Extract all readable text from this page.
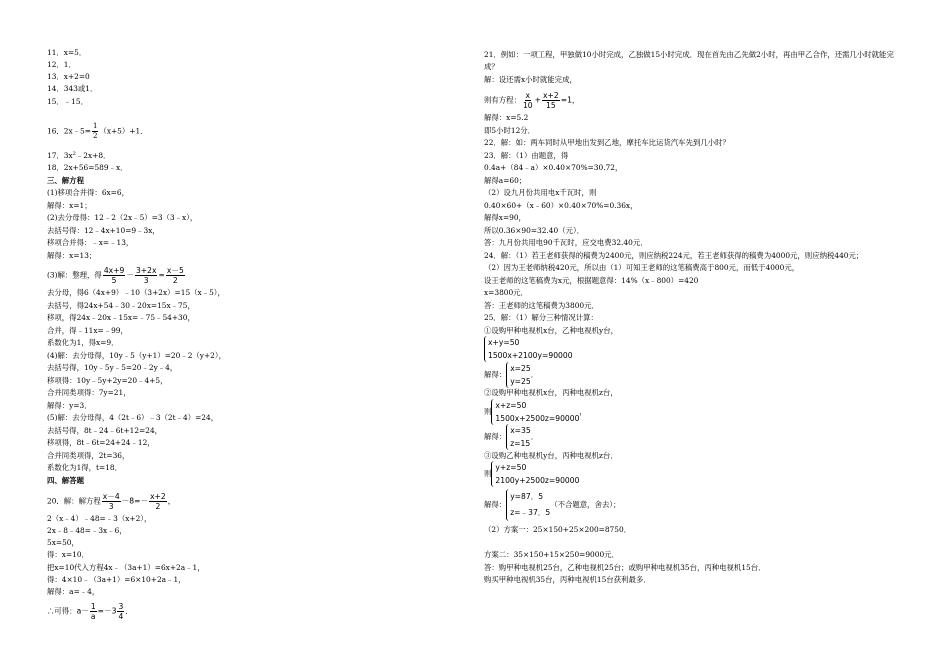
11．x=5．
12．1．
13．x+2=0
14．343或1．
15．﹣15．
16．2x﹣5= $\frac{1}{2} (x+5)+1$．
17．$3x^2﹣2x+8$．
18．2x+56=589﹣x．
三、解方程
(1)移项合并得：6x=6，
解得：x=1；
(2)去分母得：12﹣2（2x﹣5）=3（3﹣x），
去括号得：12﹣4x+10=9﹣3x，
移项合并得：﹣x=﹣13，
解得：x=13；
(3)解：整理，得 $\frac{4x+9}{5} - \frac{3+2x}{3} = \frac{x-5}{2}$
去分母，得6（4x+9）﹣10（3+2x）=15（x﹣5），
去括号，得24x+54﹣30﹣20x=15x﹣75，
移项，得24x﹣20x﹣15x=﹣75﹣54+30，
合并，得﹣11x=﹣99，
系数化为1，得x=9．
(4)解：去分母得，10y﹣5（y+1）=20﹣2（y+2），
去括号得，10y﹣5y﹣5=20﹣2y﹣4，
移项得：10y﹣5y+2y=20﹣4+5，
合并同类项得：7y=21，
解得：y=3．
(5)解：去分母得，4（2t﹣6）﹣3（2t﹣4）=24，
去括号得，8t﹣24﹣6t+12=24，
移项得，8t﹣6t=24+24﹣12，
合并同类项得，2t=36，
系数化为1得，t=18．
四、解答题
20．解：解方程 $\frac{x-4}{3} -8=- \frac{x+2}{2}$ ，
2（x﹣4）﹣48=﹣3（x+2），
2x﹣8﹣48=﹣3x﹣6，
5x=50，
得：x=10．
把x=10代入方程4x﹣（3a+1）=6x+2a﹣1，
得：4×10﹣（3a+1）=6×10+2a﹣1，
解得：a=﹣4，
∴可得：$a- \frac{1}{a} =-3 \frac{3}{4}$ ．
21．例如：一项工程，甲独做10小时完成，乙独做15小时完成．现在首先由乙先做2小时，再由甲乙合作，还需几小时就能完成？
解：设还需x小时就能完成，
则有方程： $\frac{x}{10} + \frac{x+2}{15} =1$，
解得：x=5.2
即5小时12分．
22．解：如：两车同时从甲地出发到乙地，摩托车比运货汽车先到几小时？
23．解：（1）由题意，得
0.4a+（84﹣a）×0.40×70%=30.72，
解得a=60；
（2）设九月份共用电x千瓦时，则
0.40×60+（x﹣60）×0.40×70%=0.36x，
解得x=90，
所以0.36×90=32.40（元）．
答：九月份共用电90千瓦时，应交电费32.40元．
24．解：（1）若王老师获得的稿费为2400元，则应纳税224元，若王老师获得的稿费为4000元，则应纳税440元；
（2）因为王老师纳税420元，所以由（1）可知王老师的这笔稿费高于800元，而低于4000元，
设王老师的这笔稿费为x元，根据题意得：14%（x﹣800）=420
x=3800元．
答：王老师的这笔稿费为3800元．
25．解：（1）解分三种情况计算：
①设购甲种电视机x台，乙种电视机y台，
x+y=50
1500x+2100y=90000
解得：x=25
y=25．
②设购甲种电视机x台，丙种电视机z台，
则x+z=50
1500x+2500z=90000，
解得：x=35
z=15．
③设购乙种电视机y台，丙种电视机z台．
则y+z=50
2100y+2500z=90000
解得：y=87．5
z=﹣37．5（不合题意，舍去）；
（2）方案一：25×150+25×200=8750．
方案二：35×150+15×250=9000元．
答：购甲种电视机25台，乙种电视机25台；或购甲种电视机35台，丙种电视机15台．
购买甲种电视机35台，丙种电视机15台获利最多．
